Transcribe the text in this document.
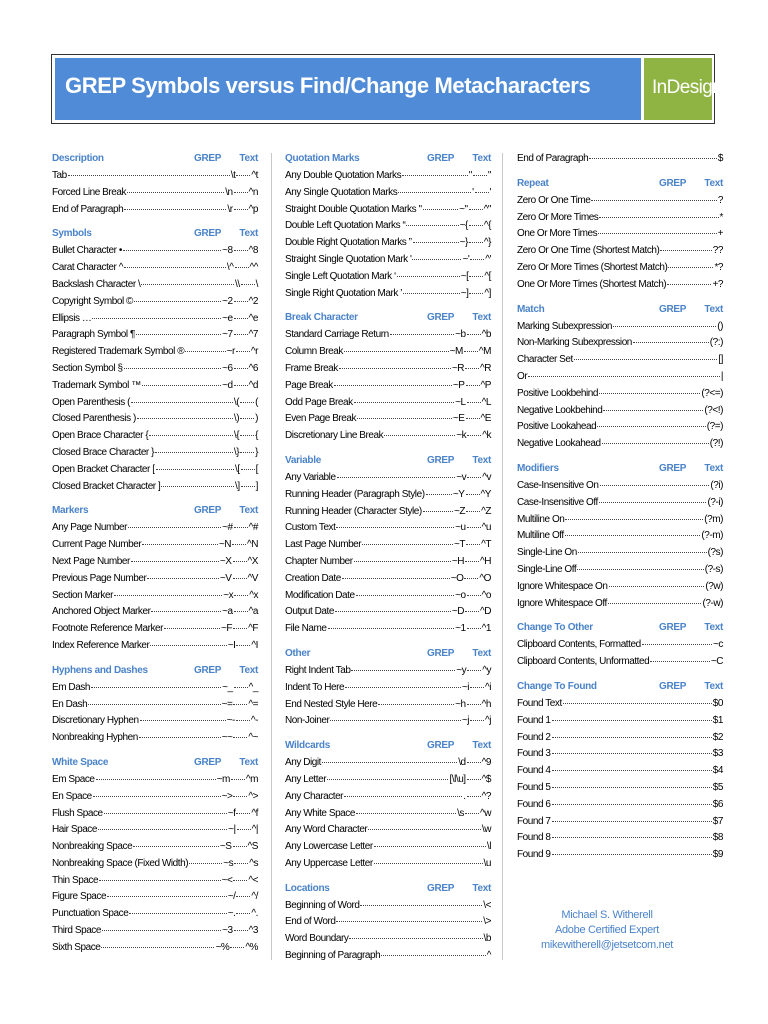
GREP Symbols versus Find/Change Metacharacters	InDesign CS3
Description	GREP	Text
Tab	\t ^t
Forced Line Break	\n ^n
End of Paragraph	\r ^p
Symbols	GREP	Text
Bullet Character •	~8 ^8
Carat Character ^	\^ ^^
Backslash Character \	\\ \
Copyright Symbol ©	~2 ^2
Ellipsis …	~e ^e
Paragraph Symbol ¶	~7 ^7
Registered Trademark Symbol ®	~r ^r
Section Symbol §	~6 ^6
Trademark Symbol ™	~d ^d
Open Parenthesis (	\( (
Closed Parenthesis )	\) )
Open Brace Character {	\{ {
Closed Brace Character }	\} }
Open Bracket Character [	\[ [
Closed Bracket Character ]	\] ]
Markers	GREP	Text
Any Page Number	~# ^#
Current Page Number	~N ^N
Next Page Number	~X ^X
Previous Page Number	~V ^V
Section Marker	~x ^x
Anchored Object Marker	~a ^a
Footnote Reference Marker	~F ^F
Index Reference Marker	~I ^I
Hyphens and Dashes	GREP	Text
Em Dash	~_ ^_
En Dash	~= ^=
Discretionary Hyphen	~- ^-
Nonbreaking Hyphen	~~ ^~
White Space	GREP	Text
Em Space	~m ^m
En Space	~> ^>
Flush Space	~f ^f
Hair Space	~| ^|
Nonbreaking Space	~S ^S
Nonbreaking Space (Fixed Width)	~s ^s
Thin Space	~< ^<
Figure Space	~/ ^/
Punctuation Space	~. ^.
Third Space	~3 ^3
Sixth Space	~% ^%
Quotation Marks	GREP	Text
Any Double Quotation Marks	" "
Any Single Quotation Marks	' '
Straight Double Quotation Marks "	~" ^"
Double Left Quotation Marks “	~{ ^{
Double Right Quotation Marks ”	~} ^}
Straight Single Quotation Mark '	~' ^'
Single Left Quotation Mark ‘	~[ ^[
Single Right Quotation Mark ’	~] ^]
Break Character	GREP	Text
Standard Carriage Return	~b ^b
Column Break	~M ^M
Frame Break	~R ^R
Page Break	~P ^P
Odd Page Break	~L ^L
Even Page Break	~E ^E
Discretionary Line Break	~k ^k
Variable	GREP	Text
Any Variable	~v ^v
Running Header (Paragraph Style)	~Y ^Y
Running Header (Character Style)	~Z ^Z
Custom Text	~u ^u
Last Page Number	~T ^T
Chapter Number	~H ^H
Creation Date	~O ^O
Modification Date	~o ^o
Output Date	~D ^D
File Name	~1 ^1
Other	GREP	Text
Right Indent Tab	~y ^y
Indent To Here	~i ^i
End Nested Style Here	~h ^h
Non-Joiner	~j ^j
Wildcards	GREP	Text
Any Digit	\d ^9
Any Letter	[\l\u] ^$
Any Character	. ^?
Any White Space	\s ^w
Any Word Character	\w
Any Lowercase Letter	\l
Any Uppercase Letter	\u
Locations	GREP	Text
Beginning of Word	\<
End of Word	\>
Word Boundary	\b
Beginning of Paragraph	^
End of Paragraph	$
Repeat	GREP	Text
Zero Or One Time	?
Zero Or More Times	*
One Or More Times	+
Zero Or One Time (Shortest Match)	??
Zero Or More Times (Shortest Match)	*?
One Or More Times (Shortest Match)	+?
Match	GREP	Text
Marking Subexpression	()
Non-Marking Subexpression	(?:)
Character Set	[]
Or	|
Positive Lookbehind	(?<=)
Negative Lookbehind	(?<!)
Positive Lookahead	(?=)
Negative Lookahead	(?!)
Modifiers	GREP	Text
Case-Insensitive On	(?i)
Case-Insensitive Off	(?-i)
Multiline On	(?m)
Multiline Off	(?-m)
Single-Line On	(?s)
Single-Line Off	(?-s)
Ignore Whitespace On	(?w)
Ignore Whitespace Off	(?-w)
Change To Other	GREP	Text
Clipboard Contents, Formatted	~c
Clipboard Contents, Unformatted	~C
Change To Found	GREP	Text
Found Text	$0
Found 1	$1
Found 2	$2
Found 3	$3
Found 4	$4
Found 5	$5
Found 6	$6
Found 7	$7
Found 8	$8
Found 9	$9
Michael S. Witherell
Adobe Certified Expert
mikewitherell@jetsetcom.net
